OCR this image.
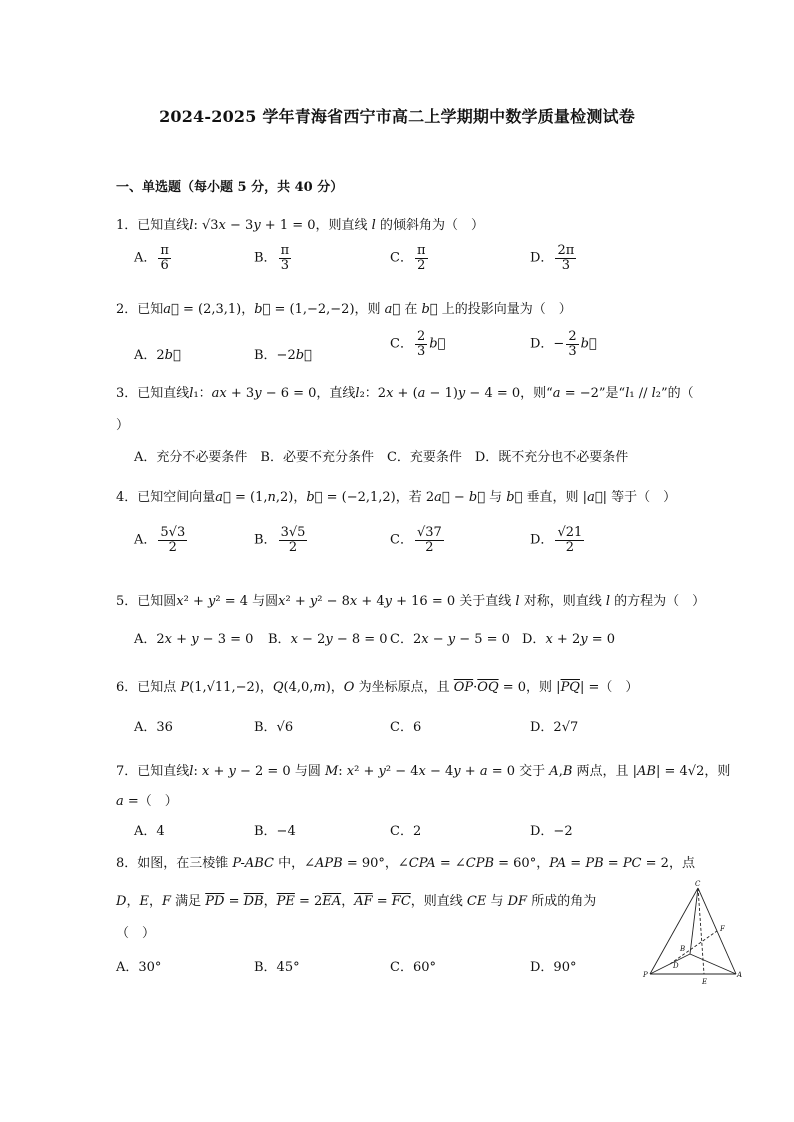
2024-2025 学年青海省西宁市高二上学期期中数学质量检测试卷
一、单选题（每小题 5 分，共 40 分）
1．已知直线l: √3x − 3y + 1 = 0，则直线 l 的倾斜角为（　）
A． $\frac{\pi}{6}$	B． $\frac{\pi}{3}$	C． $\frac{\pi}{2}$	D． $\frac{2\pi}{3}$
2．已知a⃗ = (2,3,1)，b⃗ = (1,−2,−2)，则 a⃗ 在 b⃗ 上的投影向量为（　）
A．2b⃗	B．−2b⃗
C． $\frac{2}{3}$ b⃗	D．− $\frac{2}{3}$ b⃗
3．已知直线l₁：ax + 3y − 6 = 0，直线l₂：2x + (a − 1)y − 4 = 0，则“a = −2”是“l₁ // l₂”的（
）
A．充分不必要条件　B．必要不充分条件　C．充要条件　D．既不充分也不必要条件
4．已知空间向量a⃗ = (1,n,2)，b⃗ = (−2,1,2)，若 2a⃗ − b⃗ 与 b⃗ 垂直，则 |a⃗| 等于（　）
A． $\frac{5√3}{2}$	B． $\frac{3√5}{2}$	C． $\frac{√37}{2}$	D． $\frac{√21}{2}$
5．已知圆x² + y² = 4 与圆x² + y² − 8x + 4y + 16 = 0 关于直线 l 对称，则直线 l 的方程为（　）
A．2x + y − 3 = 0 B．x − 2y − 8 = 0 C．2x − y − 5 = 0 D．x + 2y = 0
6．已知点 P(1,√11,−2)，Q(4,0,m)，O 为坐标原点，且 $\overline{OP}\cdot\overline{OQ} = 0$，则 $|\overline{PQ}|$ =（　）
A．36	B．√6	C．6	D．2√7
7．已知直线l: x + y − 2 = 0 与圆 M: x² + y² − 4x − 4y + a = 0 交于 A,B 两点，且 |AB| = 4√2，则
a =（　）
A．4	B．−4	C．2	D．−2
8．如图，在三棱锥 P-ABC 中，∠APB = 90°，∠CPA = ∠CPB = 60°，PA = PB = PC = 2，点
D，E，F 满足 $\overline{PD} = \overline{DB}$，$\overline{PE} = 2\overline{EA}$，$\overline{AF} = \overline{FC}$，则直线 CE 与 DF 所成的角为
（　）
A．30°	B．45°	C．60°	D．90°
C
F
B
D
P
E
A
